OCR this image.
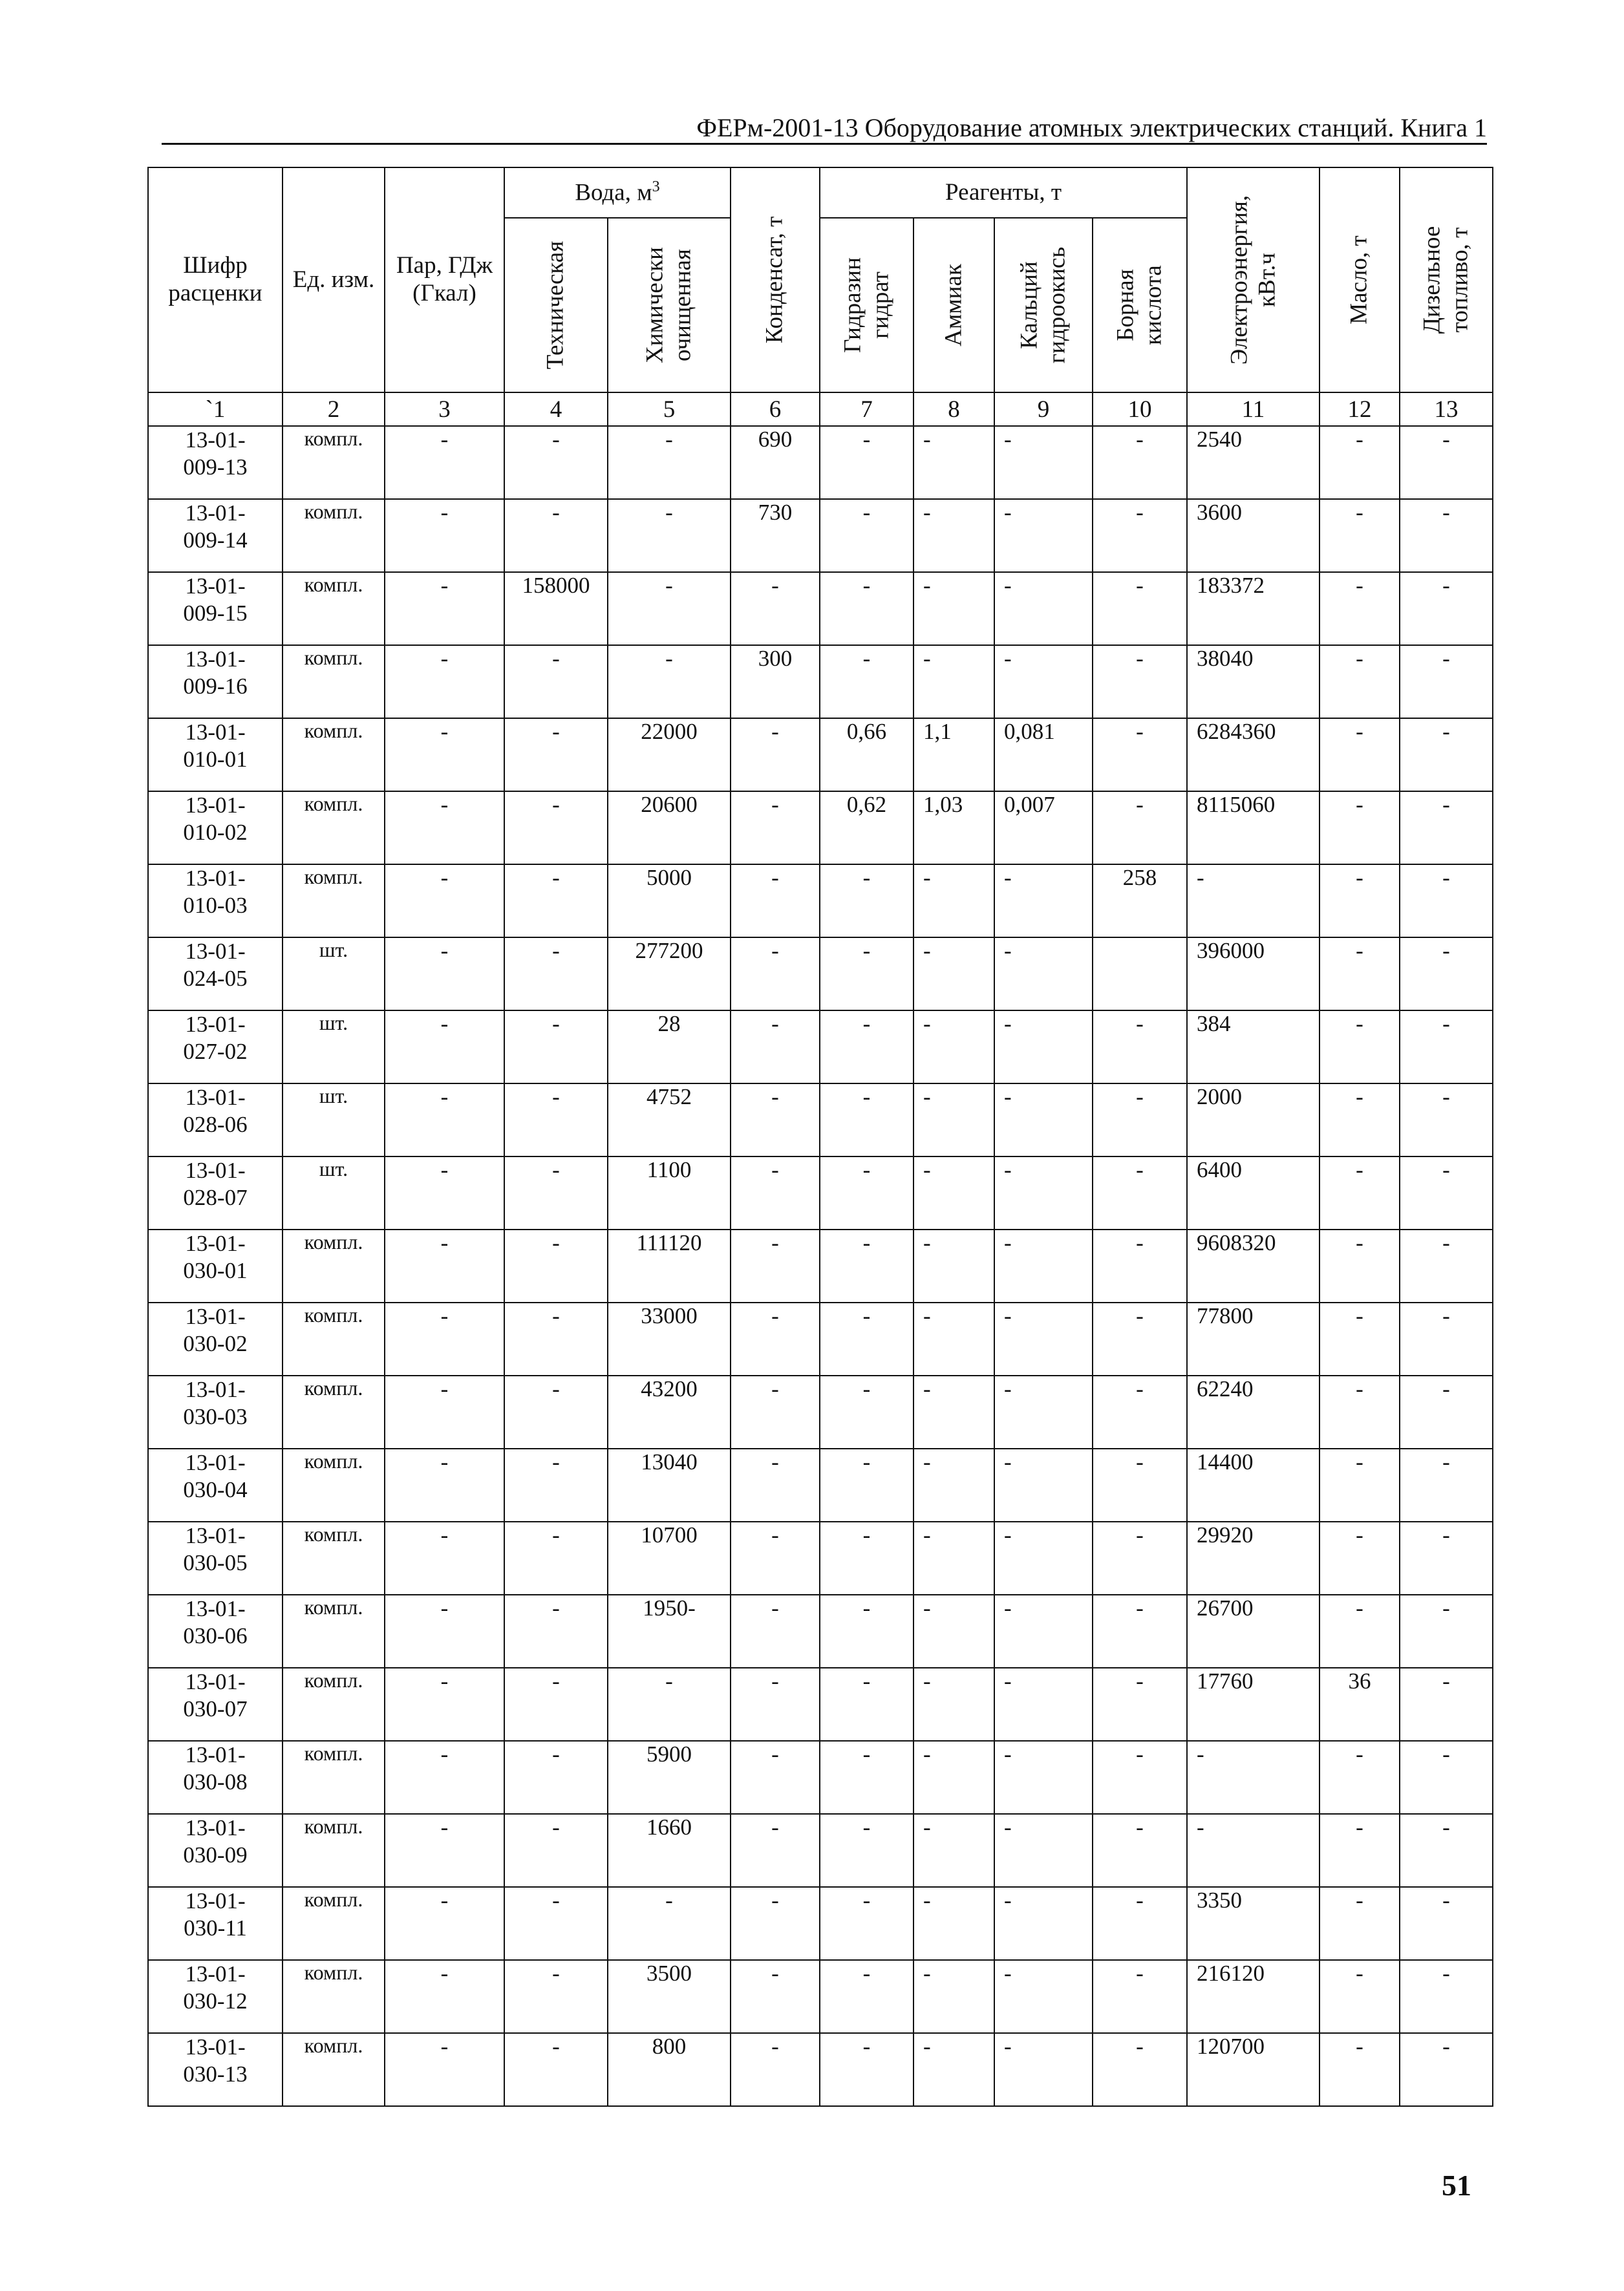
ФЕРм-2001-13 Оборудование атомных электрических станций. Книга 1
Шифр расценки	Ед. изм.	Пар, ГДж (Гкал)	Вода, $м^3$		Конденсат, т	Реагенты, т				Электроэнергия, кВт.ч	Масло, т	Дизельное топливо, т

			Техническая	Химически очищенная		Гидразин гидрат	Аммиак	Кальций гидроокись	Борная кислота			

`1	2	3	4	5	6	7	8	9	10	11	12	13
13-01-
009-13	компл.	-	-	-	690	-	-	-	-	2540	-	-
13-01-
009-14	компл.	-	-	-	730	-	-	-	-	3600	-	-
13-01-
009-15	компл.	-	158000	-	-	-	-	-	-	183372	-	-
13-01-
009-16	компл.	-	-	-	300	-	-	-	-	38040	-	-
13-01-
010-01	компл.	-	-	22000	-	0,66	1,1	0,081	-	6284360	-	-
13-01-
010-02	компл.	-	-	20600	-	0,62	1,03	0,007	-	8115060	-	-
13-01-
010-03	компл.	-	-	5000	-	-	-	-	258	-	-	-
13-01-
024-05	шт.	-	-	277200	-	-	-	-		396000	-	-
13-01-
027-02	шт.	-	-	28	-	-	-	-	-	384	-	-
13-01-
028-06	шт.	-	-	4752	-	-	-	-	-	2000	-	-
13-01-
028-07	шт.	-	-	1100	-	-	-	-	-	6400	-	-
13-01-
030-01	компл.	-	-	111120	-	-	-	-	-	9608320	-	-
13-01-
030-02	компл.	-	-	33000	-	-	-	-	-	77800	-	-
13-01-
030-03	компл.	-	-	43200	-	-	-	-	-	62240	-	-
13-01-
030-04	компл.	-	-	13040	-	-	-	-	-	14400	-	-
13-01-
030-05	компл.	-	-	10700	-	-	-	-	-	29920	-	-
13-01-
030-06	компл.	-	-	1950-	-	-	-	-	-	26700	-	-
13-01-
030-07	компл.	-	-	-	-	-	-	-	-	17760	36	-
13-01-
030-08	компл.	-	-	5900	-	-	-	-	-	-	-	-
13-01-
030-09	компл.	-	-	1660	-	-	-	-	-	-	-	-
13-01-
030-11	компл.	-	-	-	-	-	-	-	-	3350	-	-
13-01-
030-12	компл.	-	-	3500	-	-	-	-	-	216120	-	-
13-01-
030-13	компл.	-	-	800	-	-	-	-	-	120700	-	-
51
